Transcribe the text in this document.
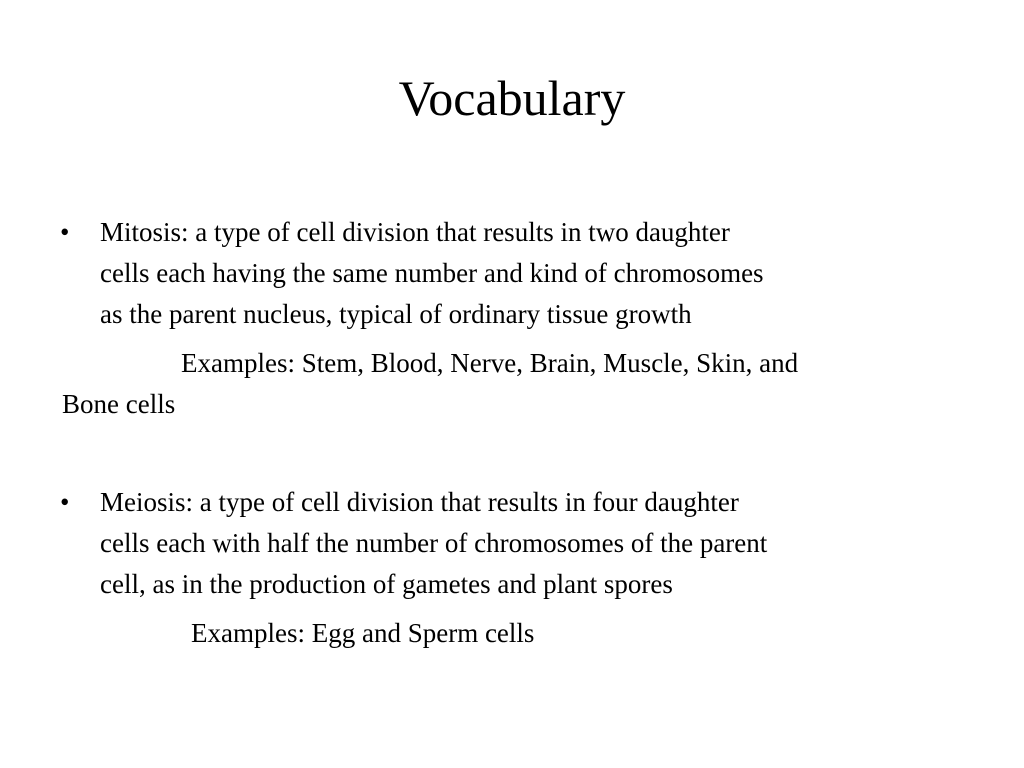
Vocabulary
•	Mitosis: a type of cell division that results in two daughter
cells each having the same number and kind of chromosomes
as the parent nucleus, typical of ordinary tissue growth
Examples: Stem, Blood, Nerve, Brain, Muscle, Skin, and
Bone cells
•	Meiosis: a type of cell division that results in four daughter
cells each with half the number of chromosomes of the parent
cell, as in the production of gametes and plant spores
Examples: Egg and Sperm cells
